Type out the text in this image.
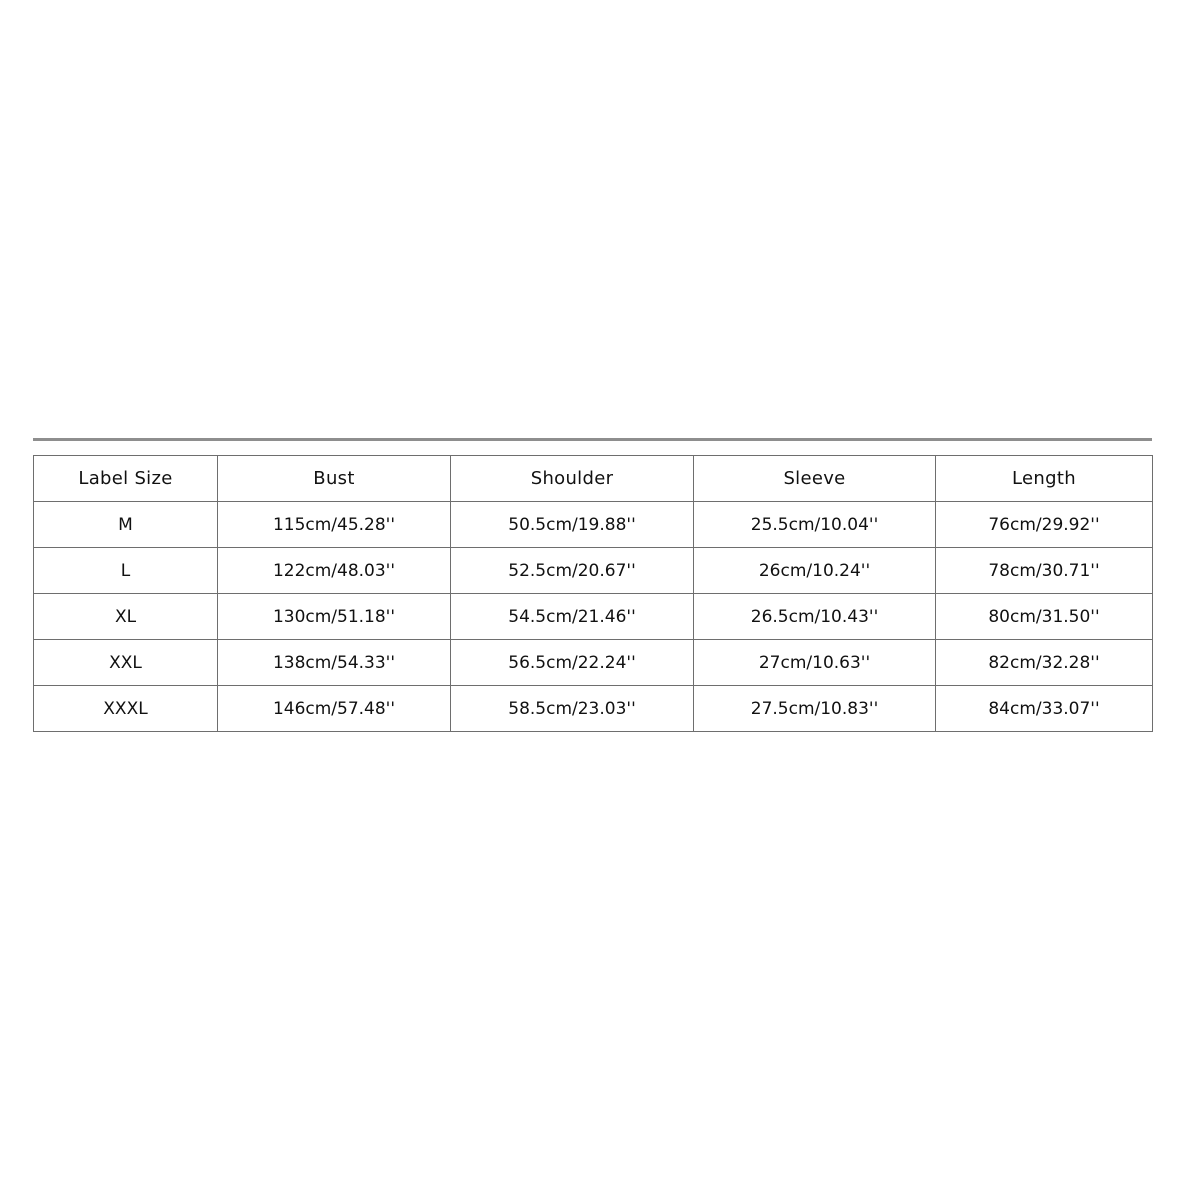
Label Size	Bust	Shoulder	Sleeve	Length
M	115cm/45.28''	50.5cm/19.88''	25.5cm/10.04''	76cm/29.92''
L	122cm/48.03''	52.5cm/20.67''	26cm/10.24''	78cm/30.71''
XL	130cm/51.18''	54.5cm/21.46''	26.5cm/10.43''	80cm/31.50''
XXL	138cm/54.33''	56.5cm/22.24''	27cm/10.63''	82cm/32.28''
XXXL	146cm/57.48''	58.5cm/23.03''	27.5cm/10.83''	84cm/33.07''
